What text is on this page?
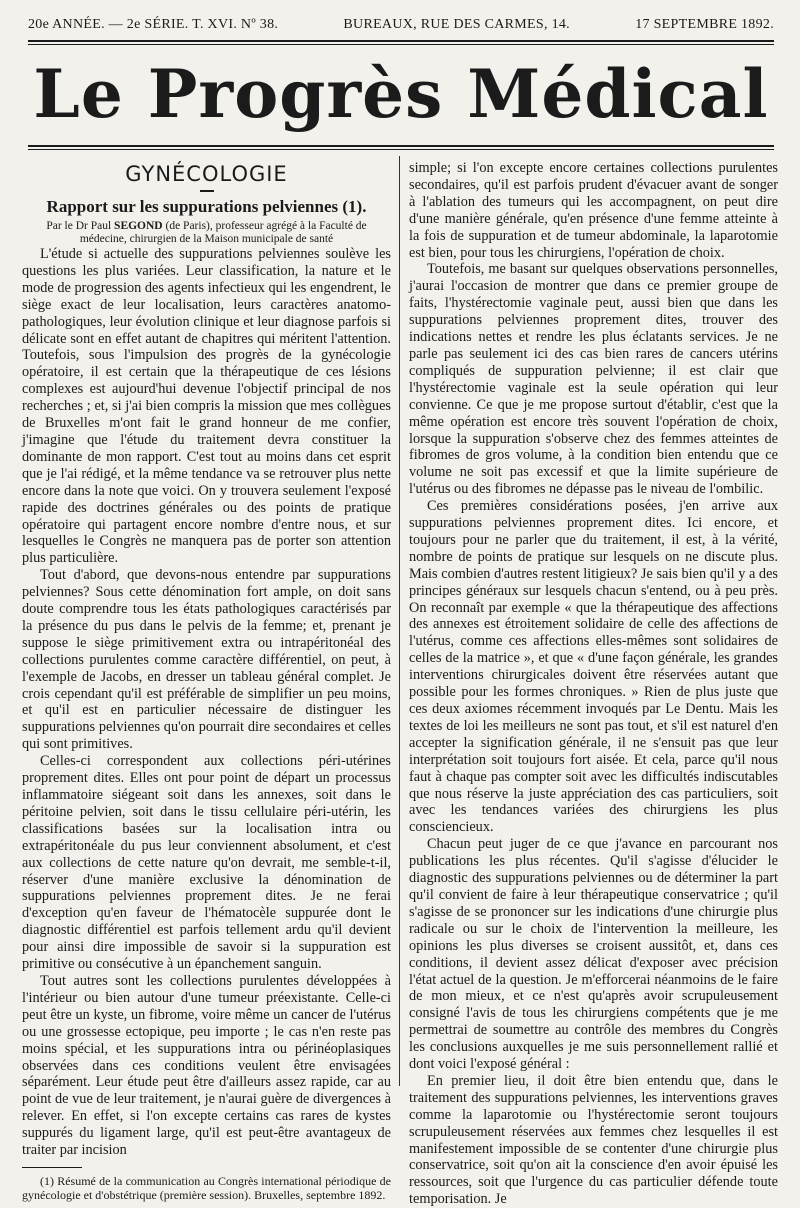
20e ANNÉE. — 2e SÉRIE. T. XVI. Nº 38.	BUREAUX, RUE DES CARMES, 14.	17 SEPTEMBRE 1892.
Le Progrès Médical
GYNÉCOLOGIE
Rapport sur les suppurations pelviennes (1).

Par le Dr Paul SEGOND (de Paris), professeur agrégé à la Faculté de médecine, chirurgien de la Maison municipale de santé

L'étude si actuelle des suppurations pelviennes soulève les questions les plus variées. Leur classification, la nature et le mode de progression des agents infectieux qui les engendrent, le siège exact de leur localisation, leurs caractères anatomo-pathologiques, leur évolution clinique et leur diagnose parfois si délicate sont en effet autant de chapitres qui méritent l'attention. Toutefois, sous l'impulsion des progrès de la gynécologie opératoire, il est certain que la thérapeutique de ces lésions complexes est aujourd'hui devenue l'objectif principal de nos recherches ; et, si j'ai bien compris la mission que mes collègues de Bruxelles m'ont fait le grand honneur de me confier, j'imagine que l'étude du traitement devra constituer la dominante de mon rapport. C'est tout au moins dans cet esprit que je l'ai rédigé, et la même tendance va se retrouver plus nette encore dans la note que voici. On y trouvera seulement l'exposé rapide des doctrines générales ou des points de pratique opératoire qui partagent encore nombre d'entre nous, et sur lesquelles le Congrès ne manquera pas de porter son attention plus particulière.

Tout d'abord, que devons-nous entendre par suppurations pelviennes? Sous cette dénomination fort ample, on doit sans doute comprendre tous les états pathologiques caractérisés par la présence du pus dans le pelvis de la femme; et, prenant je suppose le siège primitivement extra ou intrapéritonéal des collections purulentes comme caractère différentiel, on peut, à l'exemple de Jacobs, en dresser un tableau général complet. Je crois cependant qu'il est préférable de simplifier un peu moins, et qu'il est en particulier nécessaire de distinguer les suppurations pelviennes qu'on pourrait dire secondaires et celles qui sont primitives.

Celles-ci correspondent aux collections péri-utérines proprement dites. Elles ont pour point de départ un processus inflammatoire siégeant soit dans les annexes, soit dans le péritoine pelvien, soit dans le tissu cellulaire péri-utérin, les classifications basées sur la localisation intra ou extrapéritonéale du pus leur conviennent absolument, et c'est aux collections de cette nature qu'on devrait, me semble-t-il, réserver d'une manière exclusive la dénomination de suppurations pelviennes proprement dites. Je ne ferai d'exception qu'en faveur de l'hématocèle suppurée dont le diagnostic différentiel est parfois tellement ardu qu'il devient pour ainsi dire impossible de savoir si la suppuration est primitive ou consécutive à un épanchement sanguin.

Tout autres sont les collections purulentes développées à l'intérieur ou bien autour d'une tumeur préexistante. Celle-ci peut être un kyste, un fibrome, voire même un cancer de l'utérus ou une grossesse ectopique, peu importe ; le cas n'en reste pas moins spécial, et les suppurations intra ou périnéoplasiques observées dans ces conditions veulent être envisagées séparément. Leur étude peut être d'ailleurs assez rapide, car au point de vue de leur traitement, je n'aurai guère de divergences à relever. En effet, si l'on excepte certains cas rares de kystes suppurés du ligament large, qu'il est peut-être avantageux de traiter par incision

(1) Résumé de la communication au Congrès international périodique de gynécologie et d'obstétrique (première session). Bruxelles, septembre 1892.

simple; si l'on excepte encore certaines collections purulentes secondaires, qu'il est parfois prudent d'évacuer avant de songer à l'ablation des tumeurs qui les accompagnent, on peut dire d'une manière générale, qu'en présence d'une femme atteinte à la fois de suppuration et de tumeur abdominale, la laparotomie est bien, pour tous les chirurgiens, l'opération de choix.

Toutefois, me basant sur quelques observations personnelles, j'aurai l'occasion de montrer que dans ce premier groupe de faits, l'hystérectomie vaginale peut, aussi bien que dans les suppurations pelviennes proprement dites, trouver des indications nettes et rendre les plus éclatants services. Je ne parle pas seulement ici des cas bien rares de cancers utérins compliqués de suppuration pelvienne; il est clair que l'hystérectomie vaginale est la seule opération qui leur convienne. Ce que je me propose surtout d'établir, c'est que la même opération est encore très souvent l'opération de choix, lorsque la suppuration s'observe chez des femmes atteintes de fibromes de gros volume, à la condition bien entendu que ce volume ne soit pas excessif et que la limite supérieure de l'utérus ou des fibromes ne dépasse pas le niveau de l'ombilic.

Ces premières considérations posées, j'en arrive aux suppurations pelviennes proprement dites. Ici encore, et toujours pour ne parler que du traitement, il est, à la vérité, nombre de points de pratique sur lesquels on ne discute plus. Mais combien d'autres restent litigieux? Je sais bien qu'il y a des principes généraux sur lesquels chacun s'entend, ou à peu près. On reconnaît par exemple « que la thérapeutique des affections des annexes est étroitement solidaire de celle des affections de l'utérus, comme ces affections elles-mêmes sont solidaires de celles de la matrice », et que « d'une façon générale, les grandes interventions chirurgicales doivent être réservées autant que possible pour les formes chroniques. » Rien de plus juste que ces deux axiomes récemment invoqués par Le Dentu. Mais les textes de loi les meilleurs ne sont pas tout, et s'il est naturel d'en accepter la signification générale, il ne s'ensuit pas que leur interprétation soit toujours fort aisée. Et cela, parce qu'il nous faut à chaque pas compter soit avec les difficultés indiscutables que nous réserve la juste appréciation des cas particuliers, soit avec les tendances variées des chirurgiens les plus consciencieux.

Chacun peut juger de ce que j'avance en parcourant nos publications les plus récentes. Qu'il s'agisse d'élucider le diagnostic des suppurations pelviennes ou de déterminer la part qu'il convient de faire à leur thérapeutique conservatrice ; qu'il s'agisse de se prononcer sur les indications d'une chirurgie plus radicale ou sur le choix de l'intervention la meilleure, les opinions les plus diverses se croisent aussitôt, et, dans ces conditions, il devient assez délicat d'exposer avec précision l'état actuel de la question. Je m'efforcerai néanmoins de le faire de mon mieux, et ce n'est qu'après avoir scrupuleusement consigné l'avis de tous les chirurgiens compétents que je me permettrai de soumettre au contrôle des membres du Congrès les conclusions auxquelles je me suis personnellement rallié et dont voici l'exposé général :

En premier lieu, il doit être bien entendu que, dans le traitement des suppurations pelviennes, les interventions graves comme la laparotomie ou l'hystérectomie seront toujours scrupuleusement réservées aux femmes chez lesquelles il est manifestement impossible de se contenter d'une chirurgie plus conservatrice, soit qu'on ait la conscience d'en avoir épuisé les ressources, soit que l'urgence du cas particulier défende toute temporisation. Je
